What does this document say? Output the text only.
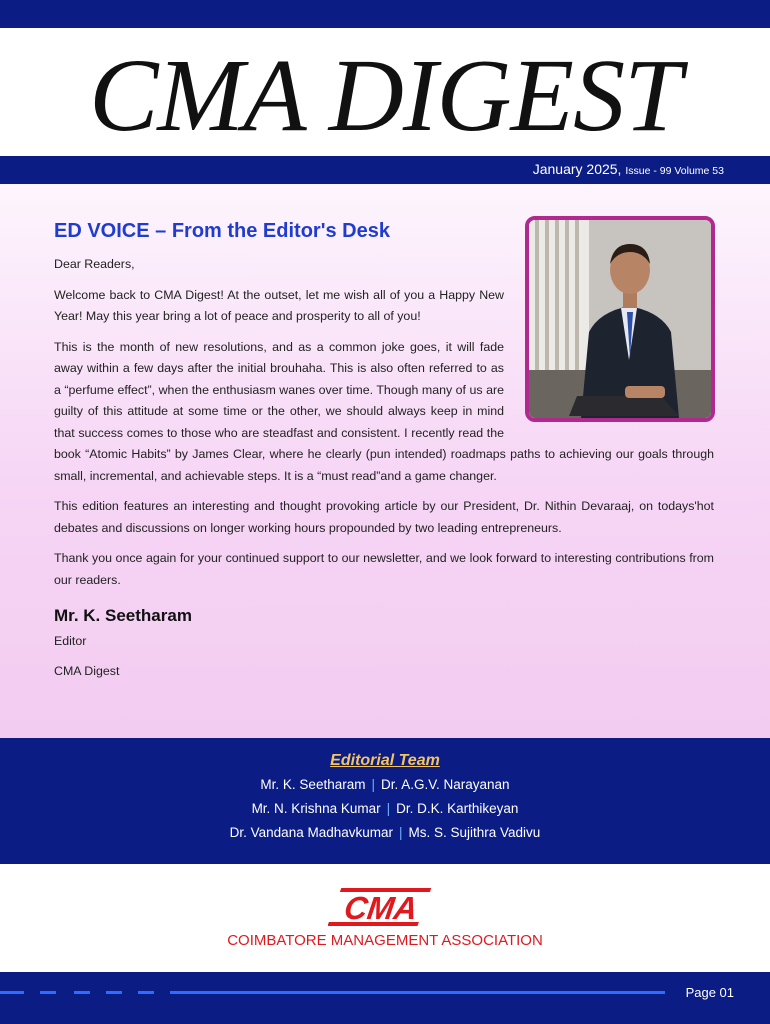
CMA DIGEST
January 2025, Issue - 99 Volume 53
ED VOICE – From the Editor's Desk

Dear Readers,

Welcome back to CMA Digest! At the outset, let me wish all of you a Happy New Year! May this year bring a lot of peace and prosperity to all of you!

This is the month of new resolutions, and as a common joke goes, it will fade away within a few days after the initial brouhaha. This is also often referred to as a “perfume effect”, when the enthusiasm wanes over time. Though many of us are guilty of this attitude at some time or the other, we should always keep in mind that success comes to those who are steadfast and consistent. I recently read the book “Atomic Habits” by James Clear, where he clearly (pun intended) roadmaps paths to achieving our goals through small, incremental, and achievable steps. It is a “must read”and a game changer.

This edition features an interesting and thought provoking article by our President, Dr. Nithin Devaraaj, on todays'hot debates and discussions on longer working hours propounded by two leading entrepreneurs.

Thank you once again for your continued support to our newsletter, and we look forward to interesting contributions from our readers.

Mr. K. Seetharam

Editor

CMA Digest

Editorial Team
Mr. K. Seetharam | Dr. A.G.V. Narayanan
Mr. N. Krishna Kumar | Dr. D.K. Karthikeyan
Dr. Vandana Madhavkumar | Ms. S. Sujithra Vadivu
CMA
COIMBATORE MANAGEMENT ASSOCIATION
Page 01
